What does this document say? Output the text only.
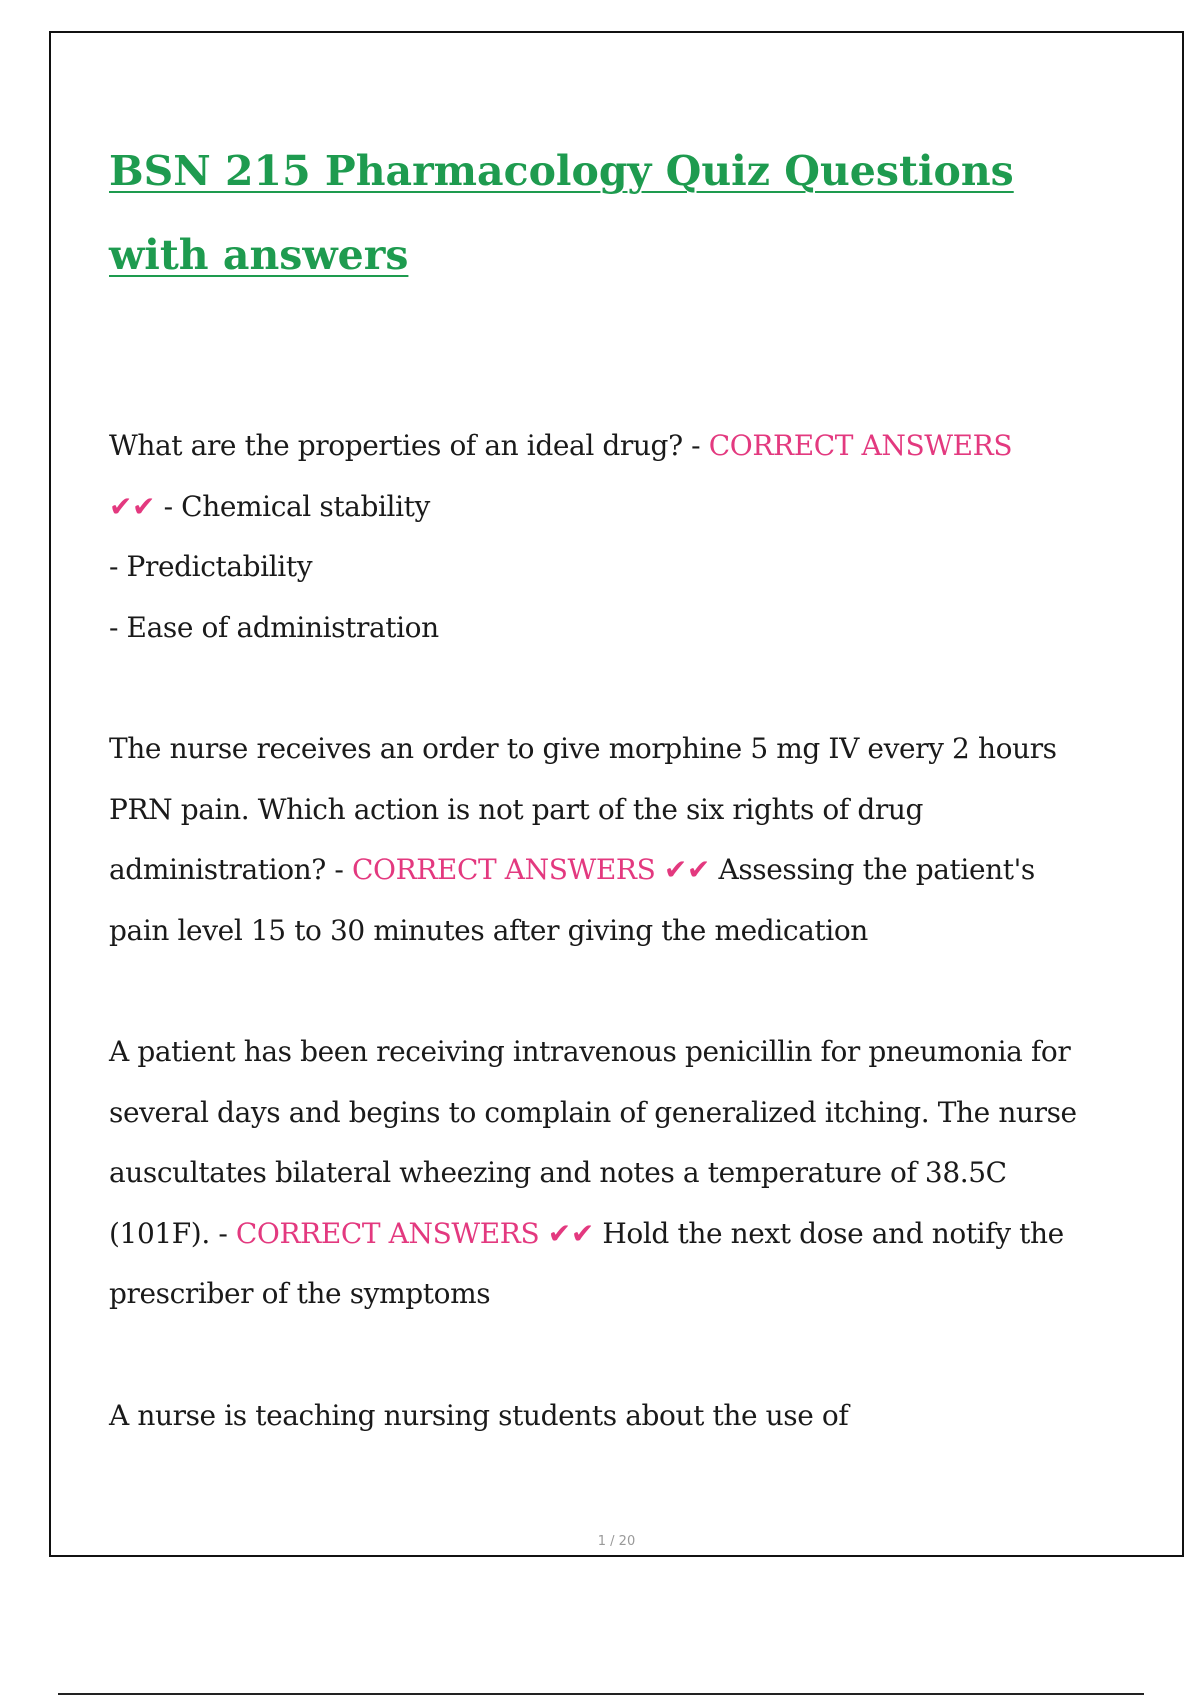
BSN 215 Pharmacology Quiz Questions with answers

What are the properties of an ideal drug? - CORRECT ANSWERS

✔✔ - Chemical stability

- Predictability

- Ease of administration

The nurse receives an order to give morphine 5 mg IV every 2 hours PRN pain. Which action is not part of the six rights of drug administration? - CORRECT ANSWERS ✔✔ Assessing the patient's pain level 15 to 30 minutes after giving the medication

A patient has been receiving intravenous penicillin for pneumonia for several days and begins to complain of generalized itching. The nurse auscultates bilateral wheezing and notes a temperature of 38.5C (101F). - CORRECT ANSWERS ✔✔ Hold the next dose and notify the prescriber of the symptoms

A nurse is teaching nursing students about the use of

1 / 20
